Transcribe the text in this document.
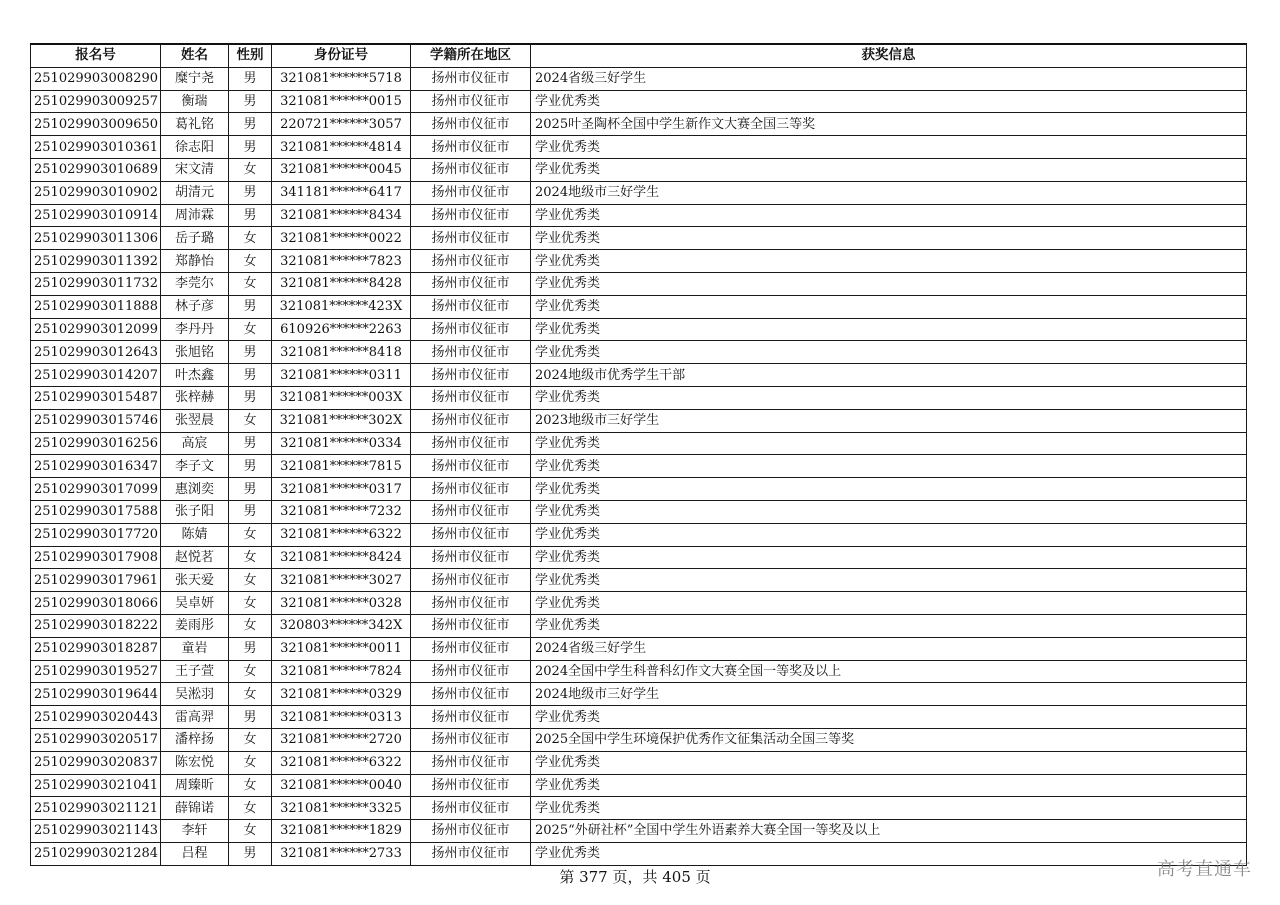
报名号	姓名	性别	身份证号	学籍所在地区	获奖信息
251029903008290	糜宁尧	男	321081******5718	扬州市仪征市	2024省级三好学生
251029903009257	衡瑞	男	321081******0015	扬州市仪征市	学业优秀类
251029903009650	葛礼铭	男	220721******3057	扬州市仪征市	2025叶圣陶杯全国中学生新作文大赛全国三等奖
251029903010361	徐志阳	男	321081******4814	扬州市仪征市	学业优秀类
251029903010689	宋文清	女	321081******0045	扬州市仪征市	学业优秀类
251029903010902	胡清元	男	341181******6417	扬州市仪征市	2024地级市三好学生
251029903010914	周沛霖	男	321081******8434	扬州市仪征市	学业优秀类
251029903011306	岳子璐	女	321081******0022	扬州市仪征市	学业优秀类
251029903011392	郑静怡	女	321081******7823	扬州市仪征市	学业优秀类
251029903011732	李莞尔	女	321081******8428	扬州市仪征市	学业优秀类
251029903011888	林子彦	男	321081******423X	扬州市仪征市	学业优秀类
251029903012099	李丹丹	女	610926******2263	扬州市仪征市	学业优秀类
251029903012643	张旭铭	男	321081******8418	扬州市仪征市	学业优秀类
251029903014207	叶杰鑫	男	321081******0311	扬州市仪征市	2024地级市优秀学生干部
251029903015487	张梓赫	男	321081******003X	扬州市仪征市	学业优秀类
251029903015746	张翌晨	女	321081******302X	扬州市仪征市	2023地级市三好学生
251029903016256	高宸	男	321081******0334	扬州市仪征市	学业优秀类
251029903016347	李子文	男	321081******7815	扬州市仪征市	学业优秀类
251029903017099	惠浏奕	男	321081******0317	扬州市仪征市	学业优秀类
251029903017588	张子阳	男	321081******7232	扬州市仪征市	学业优秀类
251029903017720	陈婧	女	321081******6322	扬州市仪征市	学业优秀类
251029903017908	赵悦茗	女	321081******8424	扬州市仪征市	学业优秀类
251029903017961	张天爱	女	321081******3027	扬州市仪征市	学业优秀类
251029903018066	吴卓妍	女	321081******0328	扬州市仪征市	学业优秀类
251029903018222	姜雨彤	女	320803******342X	扬州市仪征市	学业优秀类
251029903018287	童岩	男	321081******0011	扬州市仪征市	2024省级三好学生
251029903019527	王子萱	女	321081******7824	扬州市仪征市	2024全国中学生科普科幻作文大赛全国一等奖及以上
251029903019644	吴淞羽	女	321081******0329	扬州市仪征市	2024地级市三好学生
251029903020443	雷高羿	男	321081******0313	扬州市仪征市	学业优秀类
251029903020517	潘梓扬	女	321081******2720	扬州市仪征市	2025全国中学生环境保护优秀作文征集活动全国三等奖
251029903020837	陈宏悦	女	321081******6322	扬州市仪征市	学业优秀类
251029903021041	周臻昕	女	321081******0040	扬州市仪征市	学业优秀类
251029903021121	薛锦诺	女	321081******3325	扬州市仪征市	学业优秀类
251029903021143	李轩	女	321081******1829	扬州市仪征市	2025“外研社杯”全国中学生外语素养大赛全国一等奖及以上
251029903021284	吕程	男	321081******2733	扬州市仪征市	学业优秀类
第 377 页，共 405 页	高考直通车
